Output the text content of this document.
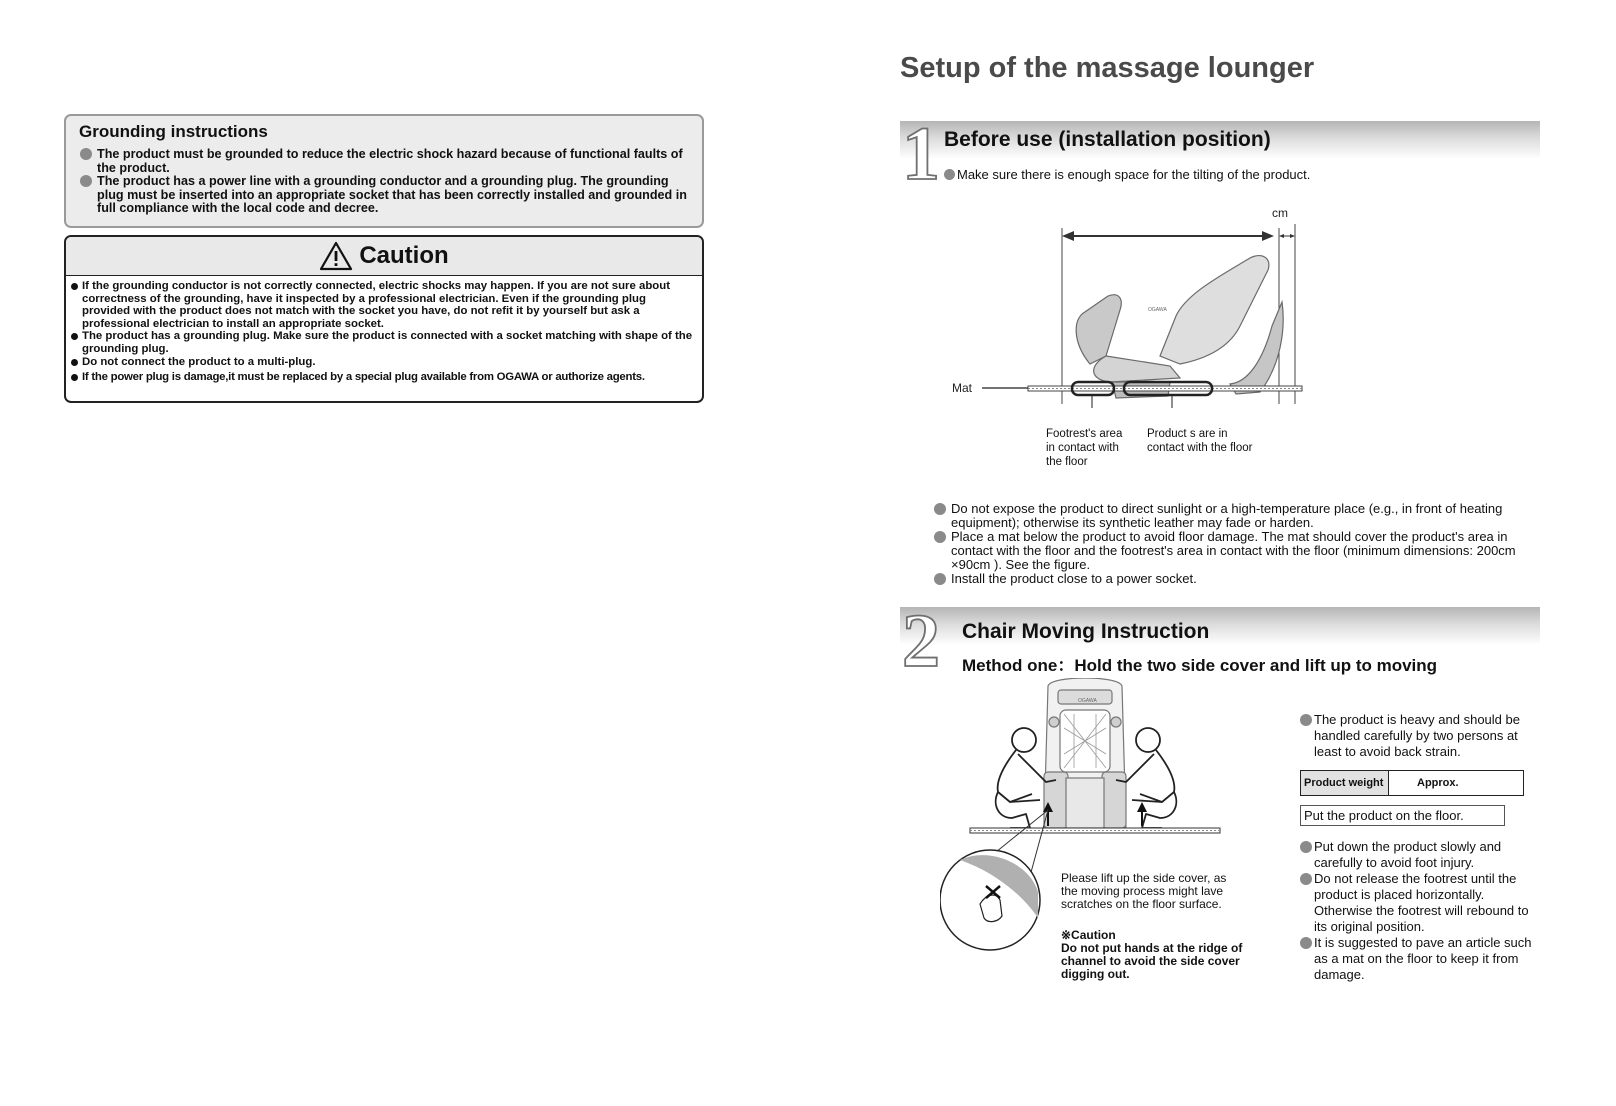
Grounding instructions
The product must be grounded to reduce the electric shock hazard because of functional faults of the product.
The product has a power line with a grounding conductor and a grounding plug. The grounding plug must be inserted into an appropriate socket that has been correctly installed and grounded in full compliance with the local code and decree.
Caution
If the grounding conductor is not correctly connected, electric shocks may happen. If you are not sure about correctness of the grounding, have it inspected by a professional electrician. Even if the grounding plug provided with the product does not match with the socket you have, do not refit it by yourself but ask a professional electrician to install an appropriate socket.
The product has a grounding plug. Make sure the product is connected with a socket matching with shape of the grounding plug.
Do not connect the product to a multi-plug.
If the power plug is damage,it must be replaced by a special plug available from OGAWA or authorize agents.
Setup of the massage lounger
1 Before use (installation position)
Make sure there is enough space for the tilting of the product.
cm
OGAWA
Mat
Footrest's area
in contact with
the floor
Product s are in
contact with the floor
Do not expose the product to direct sunlight or a high-temperature place (e.g., in front of heating equipment); otherwise its synthetic leather may fade or harden.
Place a mat below the product to avoid floor damage. The mat should cover the product's area in contact with the floor and the footrest's area in contact with the floor (minimum dimensions: 200cm ×90cm ). See the figure.
Install the product close to a power socket.
2 Chair Moving Instruction
Method one：Hold the two side cover and lift up to moving
OGAWA
Please lift up the side cover, as the moving process might lave scratches on the floor surface.
※Caution
Do not put hands at the ridge of channel to avoid the side cover digging out.
The product is heavy and should be handled carefully by two persons at least to avoid back strain.
Product weight	Approx.
Put the product on the floor.
Put down the product slowly and carefully to avoid foot injury.
Do not release the footrest until the product is placed horizontally. Otherwise the footrest will rebound to its original position.
It is suggested to pave an article such as a mat on the floor to keep it from damage.
